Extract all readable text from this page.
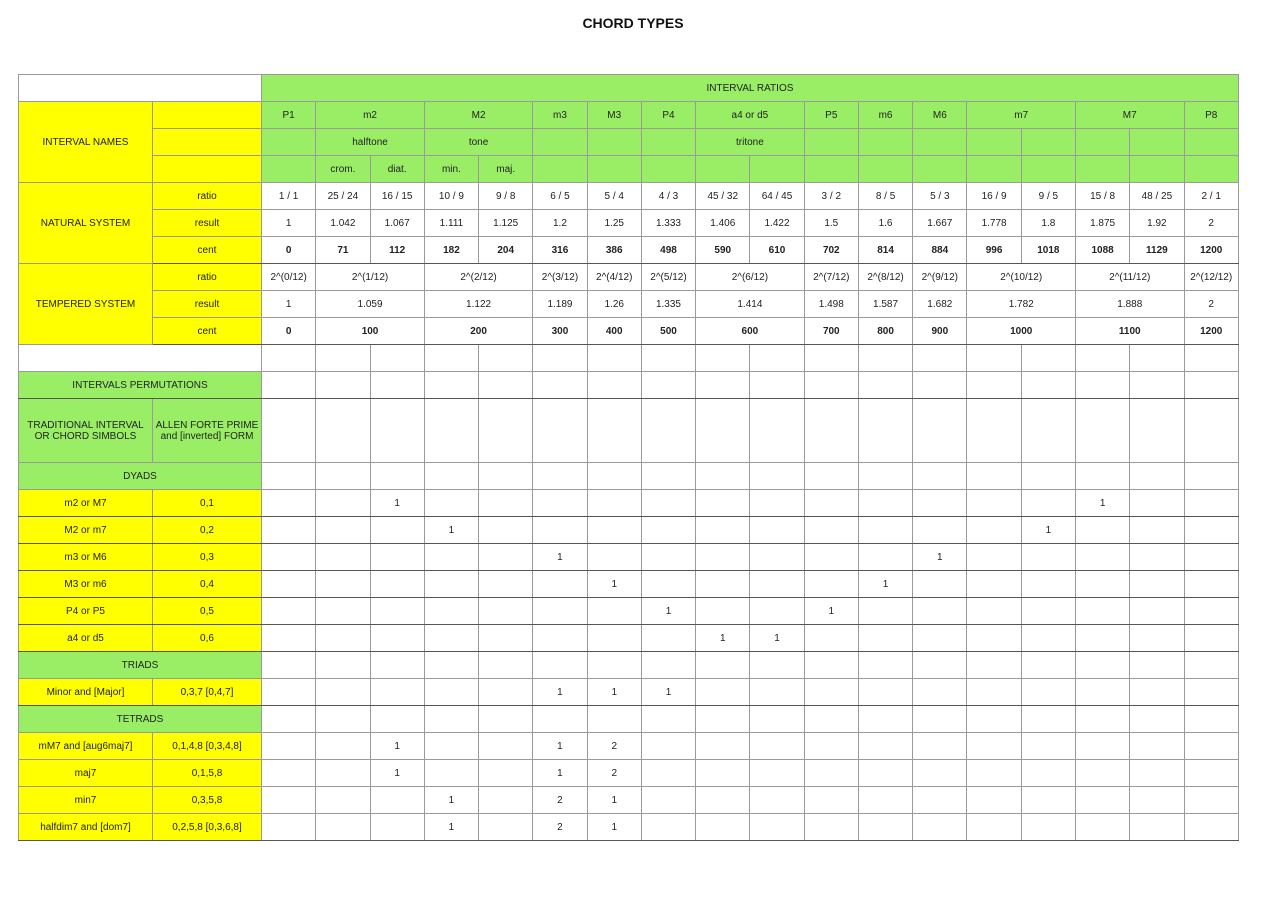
CHORD TYPES
		INTERVAL RATIOS																	
INTERVAL NAMES		P1	m2		M2		m3	M3	P4	a4 or d5		P5	m6	M6	m7		M7		P8
			halftone		tone					tritone									
			crom.	diat.	min.	maj.													
NATURAL SYSTEM	ratio	1 / 1	25 / 24	16 / 15	10 / 9	9 / 8	6 / 5	5 / 4	4 / 3	45 / 32	64 / 45	3 / 2	8 / 5	5 / 3	16 / 9	9 / 5	15 / 8	48 / 25	2 / 1
	result	1	1.042	1.067	1.111	1.125	1.2	1.25	1.333	1.406	1.422	1.5	1.6	1.667	1.778	1.8	1.875	1.92	2
	cent	0	71	112	182	204	316	386	498	590	610	702	814	884	996	1018	1088	1129	1200
TEMPERED SYSTEM	ratio	2^(0/12)	2^(1/12)		2^(2/12)		2^(3/12)	2^(4/12)	2^(5/12)	2^(6/12)		2^(7/12)	2^(8/12)	2^(9/12)	2^(10/12)		2^(11/12)		2^(12/12)
	result	1	1.059		1.122		1.189	1.26	1.335	1.414		1.498	1.587	1.682	1.782		1.888		2
	cent	0	100		200		300	400	500	600		700	800	900	1000		1100		1200

INTERVALS PERMUTATIONS																			
TRADITIONAL INTERVAL OR CHORD SIMBOLS	ALLEN FORTE PRIME and [inverted] FORM																		
DYADS																			
m2 or M7	0,1			1													1		
M2 or m7	0,2				1											1			
m3 or M6	0,3						1							1					
M3 or m6	0,4							1					1						
P4 or P5	0,5								1			1							
a4 or d5	0,6									1	1								
TRIADS																			
Minor and [Major]	0,3,7 [0,4,7]						1	1	1										
TETRADS																			
mM7 and [aug6maj7]	0,1,4,8 [0,3,4,8]			1			1	2											
maj7	0,1,5,8			1			1	2											
min7	0,3,5,8				1		2	1											
halfdim7 and [dom7]	0,2,5,8 [0,3,6,8]				1		2	1											
